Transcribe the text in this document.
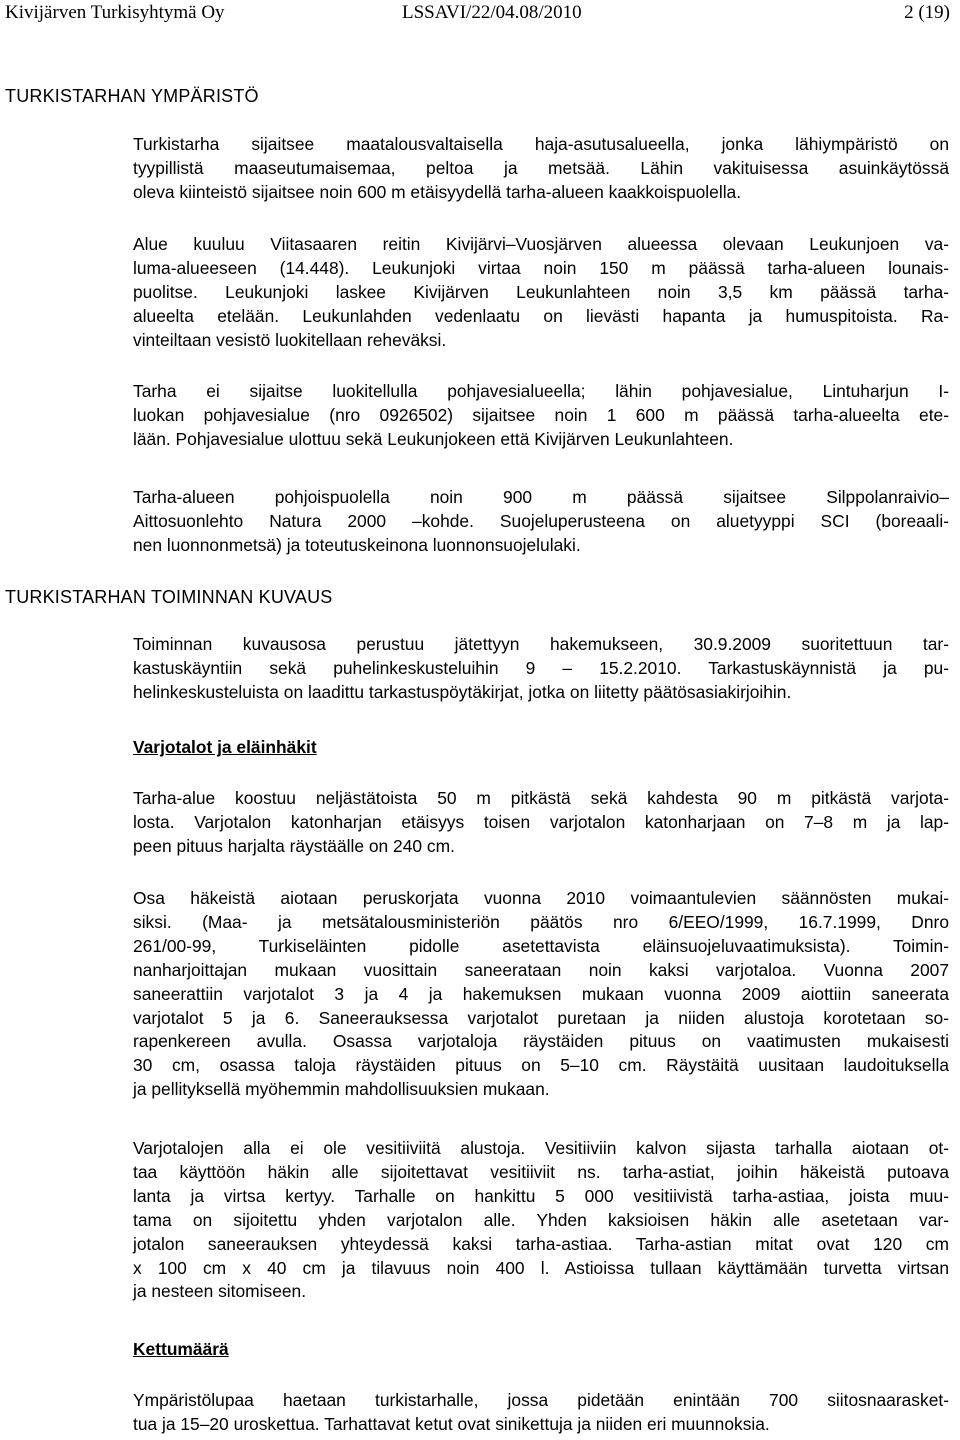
Kivijärven Turkisyhtymä Oy	LSSAVI/22/04.08/2010	2 (19)
TURKISTARHAN YMPÄRISTÖ
Turkistarha sijaitsee maatalousvaltaisella haja-asutusalueella, jonka lähiympäristö on
tyypillistä maaseutumaisemaa, peltoa ja metsää. Lähin vakituisessa asuinkäytössä
oleva kiinteistö sijaitsee noin 600 m etäisyydellä tarha-alueen kaakkoispuolella.
Alue kuuluu Viitasaaren reitin Kivijärvi–Vuosjärven alueessa olevaan Leukunjoen va-
luma-alueeseen (14.448). Leukunjoki virtaa noin 150 m päässä tarha-alueen lounais-
puolitse. Leukunjoki laskee Kivijärven Leukunlahteen noin 3,5 km päässä tarha-
alueelta etelään. Leukunlahden vedenlaatu on lievästi hapanta ja humuspitoista. Ra-
vinteiltaan vesistö luokitellaan reheväksi.
Tarha ei sijaitse luokitellulla pohjavesialueella; lähin pohjavesialue, Lintuharjun I-
luokan pohjavesialue (nro 0926502) sijaitsee noin 1 600 m päässä tarha-alueelta ete-
lään. Pohjavesialue ulottuu sekä Leukunjokeen että Kivijärven Leukunlahteen.
Tarha-alueen pohjoispuolella noin 900 m päässä sijaitsee Silppolanraivio–
Aittosuonlehto Natura 2000 –kohde. Suojeluperusteena on aluetyyppi SCI (boreaali-
nen luonnonmetsä) ja toteutuskeinona luonnonsuojelulaki.
TURKISTARHAN TOIMINNAN KUVAUS
Toiminnan kuvausosa perustuu jätettyyn hakemukseen, 30.9.2009 suoritettuun tar-
kastuskäyntiin sekä puhelinkeskusteluihin 9 – 15.2.2010. Tarkastuskäynnistä ja pu-
helinkeskusteluista on laadittu tarkastuspöytäkirjat, jotka on liitetty päätösasiakirjoihin.
Varjotalot ja eläinhäkit
Tarha-alue koostuu neljästätoista 50 m pitkästä sekä kahdesta 90 m pitkästä varjota-
losta. Varjotalon katonharjan etäisyys toisen varjotalon katonharjaan on 7–8 m ja lap-
peen pituus harjalta räystäälle on 240 cm.
Osa häkeistä aiotaan peruskorjata vuonna 2010 voimaantulevien säännösten mukai-
siksi. (Maa- ja metsätalousministeriön päätös nro 6/EEO/1999, 16.7.1999, Dnro
261/00-99, Turkiseläinten pidolle asetettavista eläinsuojeluvaatimuksista). Toimin-
nanharjoittajan mukaan vuosittain saneerataan noin kaksi varjotaloa. Vuonna 2007
saneerattiin varjotalot 3 ja 4 ja hakemuksen mukaan vuonna 2009 aiottiin saneerata
varjotalot 5 ja 6. Saneerauksessa varjotalot puretaan ja niiden alustoja korotetaan so-
rapenkereen avulla. Osassa varjotaloja räystäiden pituus on vaatimusten mukaisesti
30 cm, osassa taloja räystäiden pituus on 5–10 cm. Räystäitä uusitaan laudoituksella
ja pellityksellä myöhemmin mahdollisuuksien mukaan.
Varjotalojen alla ei ole vesitiiviitä alustoja. Vesitiiviin kalvon sijasta tarhalla aiotaan ot-
taa käyttöön häkin alle sijoitettavat vesitiiviit ns. tarha-astiat, joihin häkeistä putoava
lanta ja virtsa kertyy. Tarhalle on hankittu 5 000 vesitiivistä tarha-astiaa, joista muu-
tama on sijoitettu yhden varjotalon alle. Yhden kaksioisen häkin alle asetetaan var-
jotalon saneerauksen yhteydessä kaksi tarha-astiaa. Tarha-astian mitat ovat 120 cm
x 100 cm x 40 cm ja tilavuus noin 400 l. Astioissa tullaan käyttämään turvetta virtsan
ja nesteen sitomiseen.
Kettumäärä
Ympäristölupaa haetaan turkistarhalle, jossa pidetään enintään 700 siitosnaarasket-
tua ja 15–20 uroskettua. Tarhattavat ketut ovat sinikettuja ja niiden eri muunnoksia.
